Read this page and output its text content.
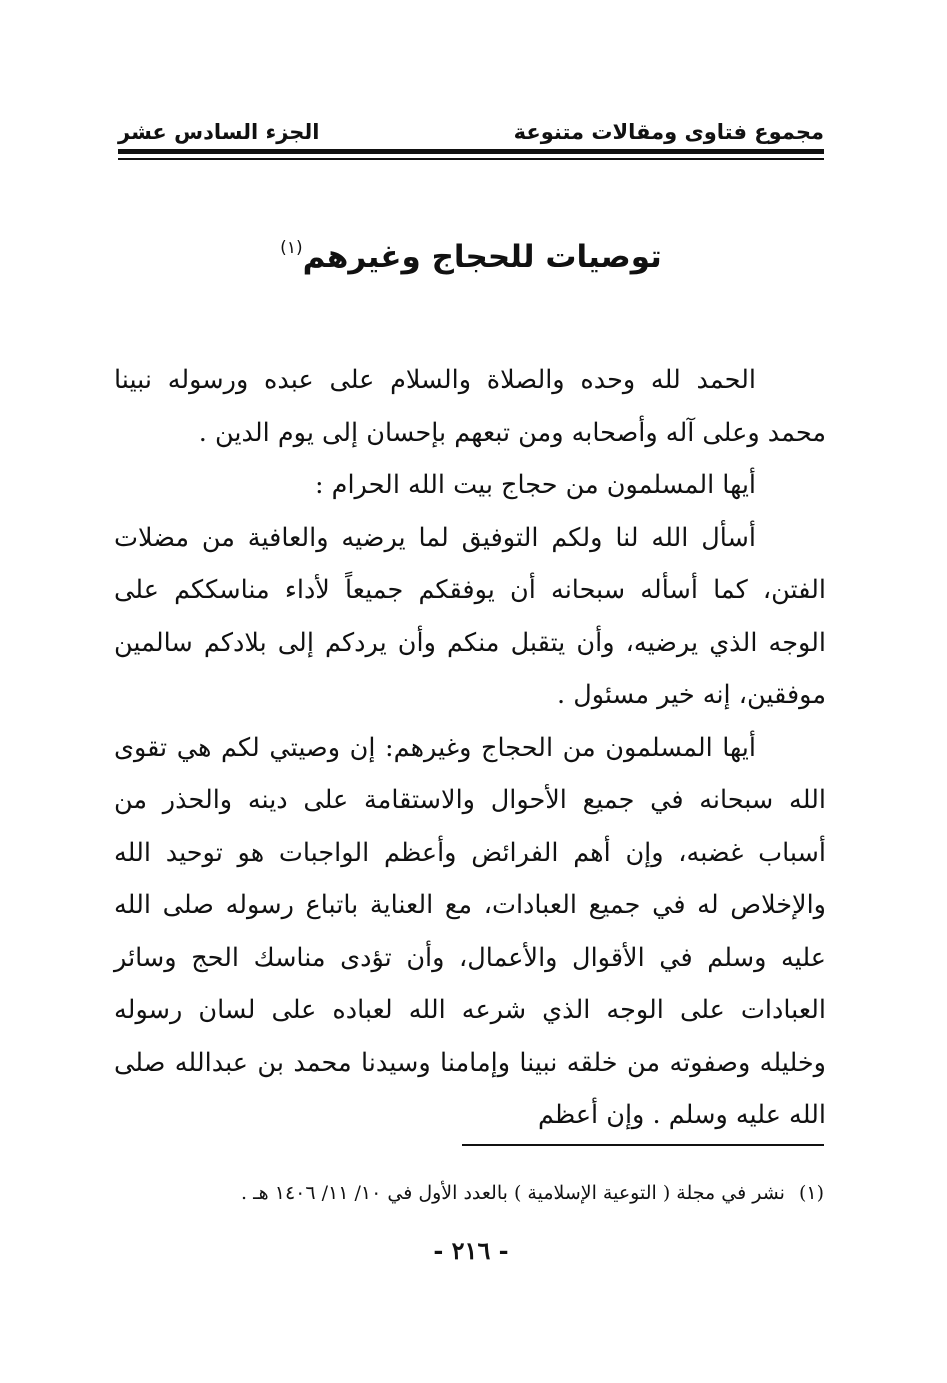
مجموع فتاوى ومقالات متنوعة
الجزء السادس عشر
توصيات للحجاج وغيرهم$^{(١)}$

الحمد لله وحده والصلاة والسلام على عبده ورسوله نبينا محمد وعلى آله وأصحابه ومن تبعهم بإحسان إلى يوم الدين .

أيها المسلمون من حجاج بيت الله الحرام :

أسأل الله لنا ولكم التوفيق لما يرضيه والعافية من مضلات الفتن، كما أسأله سبحانه أن يوفقكم جميعاً لأداء مناسككم على الوجه الذي يرضيه، وأن يتقبل منكم وأن يردكم إلى بلادكم سالمين موفقين، إنه خير مسئول .

أيها المسلمون من الحجاج وغيرهم: إن وصيتي لكم هي تقوى الله سبحانه في جميع الأحوال والاستقامة على دينه والحذر من أسباب غضبه، وإن أهم الفرائض وأعظم الواجبات هو توحيد الله والإخلاص له في جميع العبادات، مع العناية باتباع رسوله صلى الله عليه وسلم في الأقوال والأعمال، وأن تؤدى مناسك الحج وسائر العبادات على الوجه الذي شرعه الله لعباده على لسان رسوله وخليله وصفوته من خلقه نبينا وإمامنا وسيدنا محمد بن عبدالله صلى الله عليه وسلم . وإن أعظم

(١)نشر في مجلة ( التوعية الإسلامية ) بالعدد الأول في ١٠/ ١١/ ١٤٠٦ هـ .
- ٢١٦ -
